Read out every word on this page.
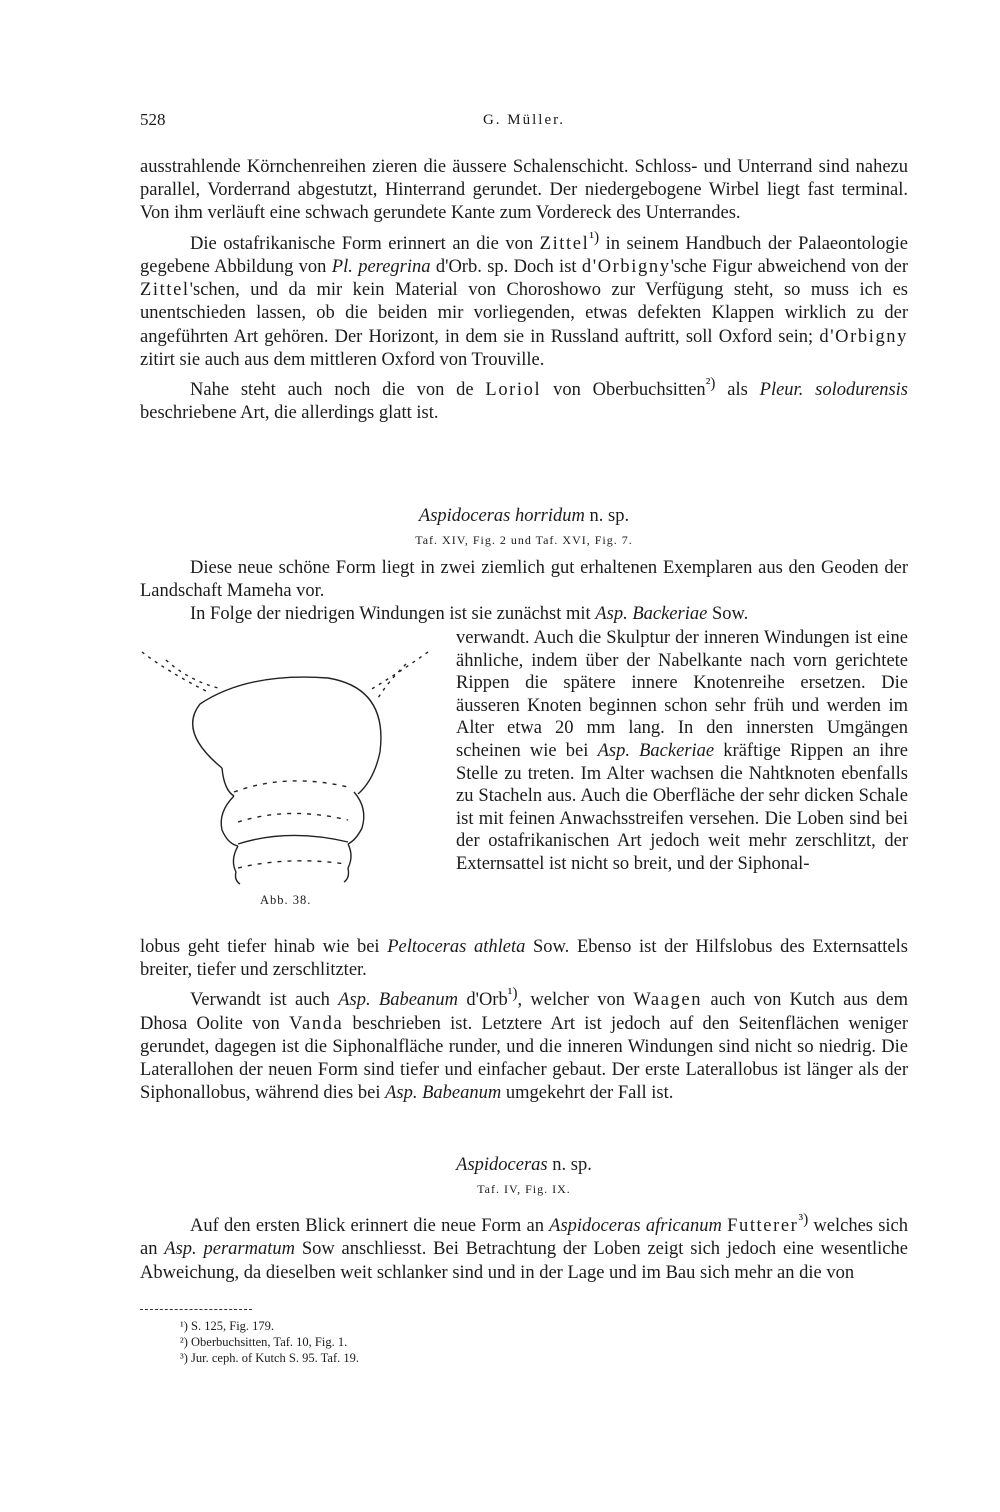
528	G. Müller.

ausstrahlende Körnchenreihen zieren die äussere Schalenschicht. Schloss- und Unterrand sind nahezu parallel, Vorderrand abgestutzt, Hinterrand gerundet. Der niedergebogene Wirbel liegt fast terminal. Von ihm verläuft eine schwach gerundete Kante zum Vordereck des Unterrandes.

Die ostafrikanische Form erinnert an die von Zittel$^{^1)}$ in seinem Handbuch der Palaeontologie gegebene Abbildung von Pl. peregrina d'Orb. sp. Doch ist d'Orbigny'sche Figur abweichend von der Zittel'schen, und da mir kein Material von Choroshowo zur Verfügung steht, so muss ich es unentschieden lassen, ob die beiden mir vorliegenden, etwas defekten Klappen wirklich zu der angeführten Art gehören. Der Horizont, in dem sie in Russland auftritt, soll Oxford sein; d'Orbigny zitirt sie auch aus dem mittleren Oxford von Trouville.

Nahe steht auch noch die von de Loriol von Oberbuchsitten$^{^2)}$ als Pleur. solodurensis beschriebene Art, die allerdings glatt ist.

Aspidoceras horridum n. sp.
Taf. XIV, Fig. 2 und Taf. XVI, Fig. 7.

Diese neue schöne Form liegt in zwei ziemlich gut erhaltenen Exemplaren aus den Geoden der Landschaft Mameha vor.

In Folge der niedrigen Windungen ist sie zunächst mit Asp. Backeriae Sow.

Abb. 38.

verwandt. Auch die Skulptur der inneren Windungen ist eine ähnliche, indem über der Nabelkante nach vorn gerichtete Rippen die spätere innere Knotenreihe ersetzen. Die äusseren Knoten beginnen schon sehr früh und werden im Alter etwa 20 mm lang. In den innersten Umgängen scheinen wie bei Asp. Backeriae kräftige Rippen an ihre Stelle zu treten. Im Alter wachsen die Nahtknoten ebenfalls zu Stacheln aus. Auch die Oberfläche der sehr dicken Schale ist mit feinen Anwachsstreifen versehen. Die Loben sind bei der ostafrikanischen Art jedoch weit mehr zerschlitzt, der Externsattel ist nicht so breit, und der Siphonal-

lobus geht tiefer hinab wie bei Peltoceras athleta Sow. Ebenso ist der Hilfslobus des Externsattels breiter, tiefer und zerschlitzter.

Verwandt ist auch Asp. Babeanum d'Orb$^{^1)}$, welcher von Waagen auch von Kutch aus dem Dhosa Oolite von Vanda beschrieben ist. Letztere Art ist jedoch auf den Seitenflächen weniger gerundet, dagegen ist die Siphonalfläche runder, und die inneren Windungen sind nicht so niedrig. Die Laterallohen der neuen Form sind tiefer und einfacher gebaut. Der erste Laterallobus ist länger als der Siphonallobus, während dies bei Asp. Babeanum umgekehrt der Fall ist.

Aspidoceras n. sp.
Taf. IV, Fig. IX.

Auf den ersten Blick erinnert die neue Form an Aspidoceras africanum Futterer$^{^3)}$ welches sich an Asp. perarmatum Sow anschliesst. Bei Betrachtung der Loben zeigt sich jedoch eine wesentliche Abweichung, da dieselben weit schlanker sind und in der Lage und im Bau sich mehr an die von

¹) S. 125, Fig. 179.

²) Oberbuchsitten, Taf. 10, Fig. 1.

³) Jur. ceph. of Kutch S. 95. Taf. 19.
